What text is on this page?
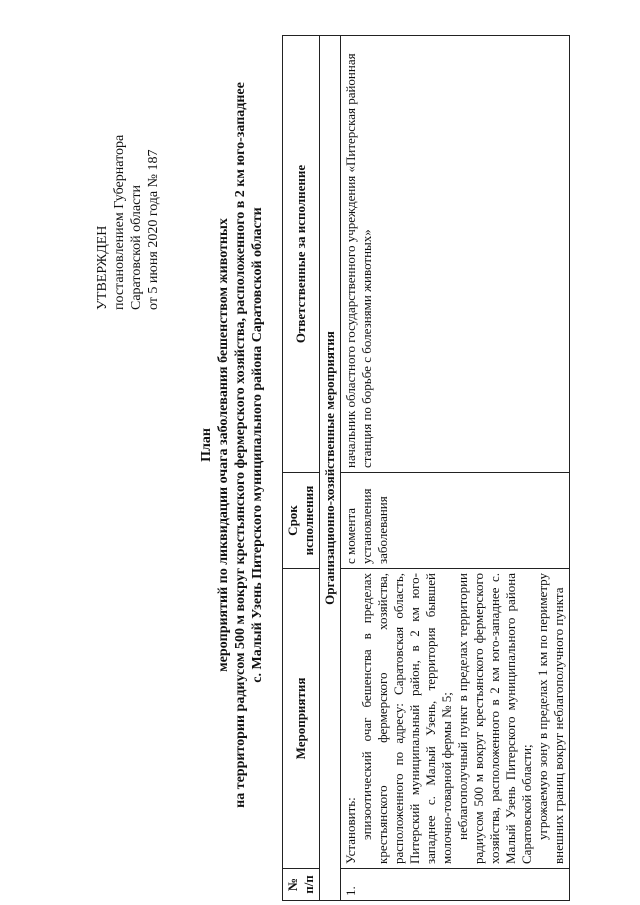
УТВЕРЖДЕН постановлением Губернатора Саратовской области от 5 июня 2020 года № 187
План мероприятий по ликвидации очага заболевания бешенством животных на территории радиусом 500 м вокруг крестьянского фермерского хозяйства, расположенного в 2 км юго-западнее с. Малый Узень Питерского муниципального района Саратовской области
№ п/п	Мероприятия	Срок исполнения	Ответственные за исполнение
Организационно-хозяйственные мероприятия			
1.	Установить: эпизоотический очаг бешенства в пределах крестьянского фермерского хозяйства, расположенного по адресу: Саратовская область, Питерский муниципальный район, в 2 км юго-западнее с. Малый Узень, территория бывшей молочно-товарной фермы № 5; неблагополучный пункт в пределах территории радиусом 500 м вокруг крестьянского фермерского хозяйства, расположенного в 2 км юго-западнее с. Малый Узень Питерского муниципального района Саратовской области; угрожаемую зону в пределах 1 км по периметру внешних границ вокруг неблагополучного пункта	с момента установления заболевания	начальник областного государственного учреждения «Питерская районная станция по борьбе с болезнями животных»
